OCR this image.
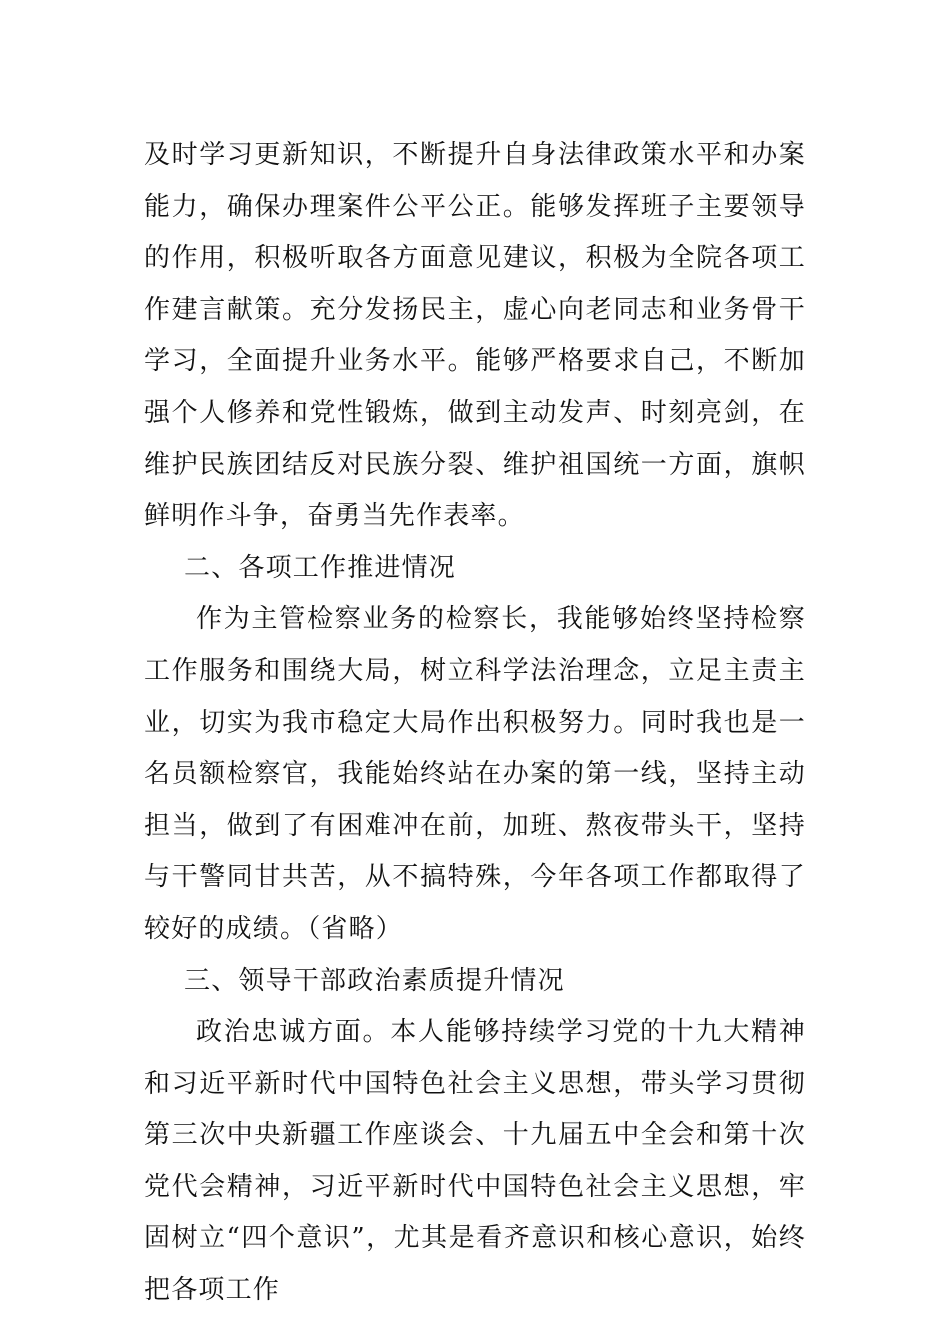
及时学习更新知识，不断提升自身法律政策水平和办案能力，确保办理案件公平公正。能够发挥班子主要领导的作用，积极听取各方面意见建议，积极为全院各项工作建言献策。充分发扬民主，虚心向老同志和业务骨干学习，全面提升业务水平。能够严格要求自己，不断加强个人修养和党性锻炼，做到主动发声、时刻亮剑，在维护民族团结反对民族分裂、维护祖国统一方面，旗帜鲜明作斗争，奋勇当先作表率。

二、各项工作推进情况

作为主管检察业务的检察长，我能够始终坚持检察工作服务和围绕大局，树立科学法治理念，立足主责主业，切实为我市稳定大局作出积极努力。同时我也是一名员额检察官，我能始终站在办案的第一线，坚持主动担当，做到了有困难冲在前，加班、熬夜带头干，坚持与干警同甘共苦，从不搞特殊，今年各项工作都取得了较好的成绩。（省略）

三、领导干部政治素质提升情况

政治忠诚方面。本人能够持续学习党的十九大精神和习近平新时代中国特色社会主义思想，带头学习贯彻第三次中央新疆工作座谈会、十九届五中全会和第十次党代会精神，习近平新时代中国特色社会主义思想，牢固树立“四个意识”，尤其是看齐意识和核心意识，始终把各项工作
